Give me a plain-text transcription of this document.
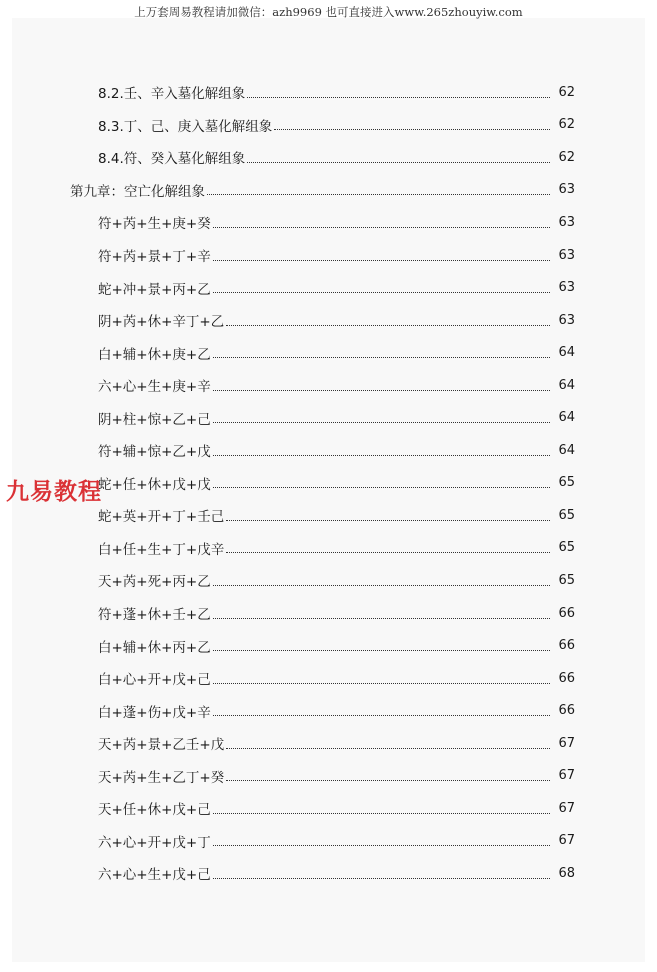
上万套周易教程请加微信：azh9969 也可直接进入www.265zhouyiw.com
8.2.壬、辛入墓化解组象	62
8.3.丁、己、庚入墓化解组象	62
8.4.符、癸入墓化解组象	62
第九章：空亡化解组象	63
符+芮+生+庚+癸	63
符+芮+景+丁+辛	63
蛇+冲+景+丙+乙	63
阴+芮+休+辛丁+乙	63
白+辅+休+庚+乙	64
六+心+生+庚+辛	64
阴+柱+惊+乙+己	64
符+辅+惊+乙+戊	64
蛇+任+休+戊+戊	65
蛇+英+开+丁+壬己	65
白+任+生+丁+戊辛	65
天+芮+死+丙+乙	65
符+蓬+休+壬+乙	66
白+辅+休+丙+乙	66
白+心+开+戊+己	66
白+蓬+伤+戊+辛	66
天+芮+景+乙壬+戊	67
天+芮+生+乙丁+癸	67
天+任+休+戊+己	67
六+心+开+戊+丁	67
六+心+生+戊+己	68
九易教程
